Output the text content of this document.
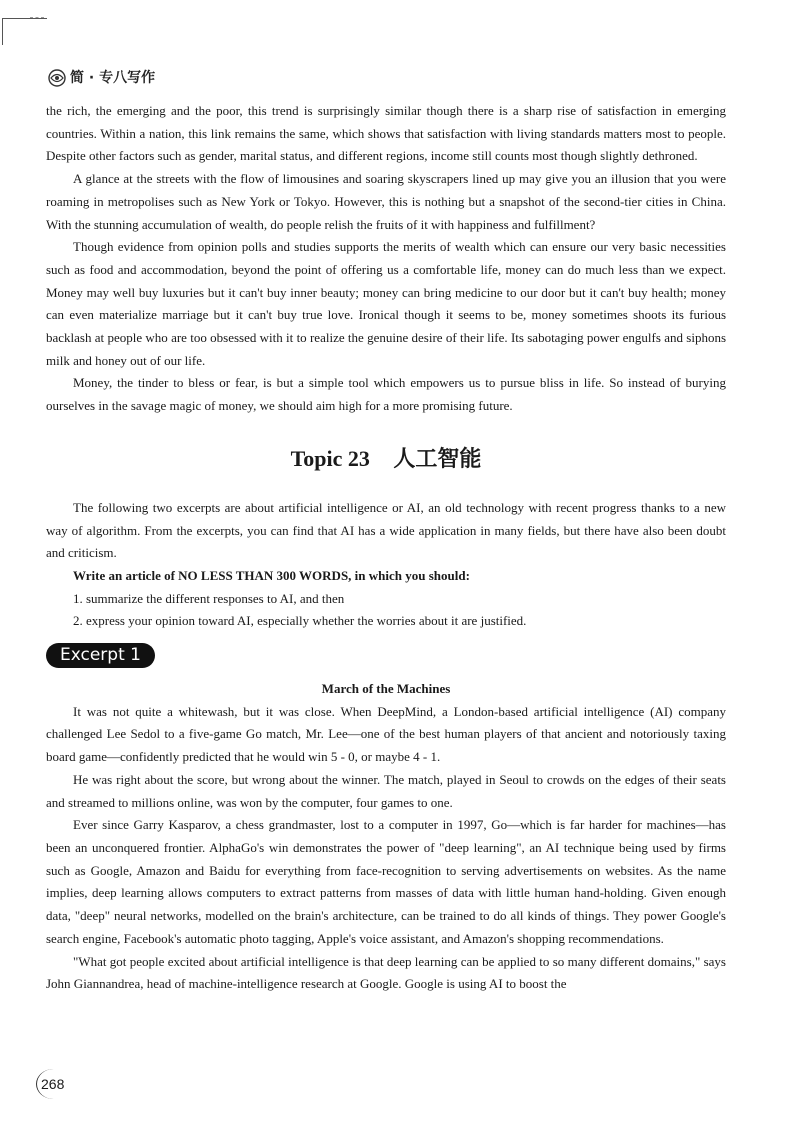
简 · 专八写作

the rich, the emerging and the poor, this trend is surprisingly similar though there is a sharp rise of satisfaction in emerging countries. Within a nation, this link remains the same, which shows that satisfaction with living standards matters most to people. Despite other factors such as gender, marital status, and different regions, income still counts most though slightly dethroned.

A glance at the streets with the flow of limousines and soaring skyscrapers lined up may give you an illusion that you were roaming in metropolises such as New York or Tokyo. However, this is nothing but a snapshot of the second-tier cities in China. With the stunning accumulation of wealth, do people relish the fruits of it with happiness and fulfillment?

Though evidence from opinion polls and studies supports the merits of wealth which can ensure our very basic necessities such as food and accommodation, beyond the point of offering us a comfortable life, money can do much less than we expect. Money may well buy luxuries but it can't buy inner beauty; money can bring medicine to our door but it can't buy health; money can even materialize marriage but it can't buy true love. Ironical though it seems to be, money sometimes shoots its furious backlash at people who are too obsessed with it to realize the genuine desire of their life. Its sabotaging power engulfs and siphons milk and honey out of our life.

Money, the tinder to bless or fear, is but a simple tool which empowers us to pursue bliss in life. So instead of burying ourselves in the savage magic of money, we should aim high for a more promising future.

Topic 23 人工智能

The following two excerpts are about artificial intelligence or AI, an old technology with recent progress thanks to a new way of algorithm. From the excerpts, you can find that AI has a wide application in many fields, but there have also been doubt and criticism.

Write an article of NO LESS THAN 300 WORDS, in which you should:

1. summarize the different responses to AI, and then

2. express your opinion toward AI, especially whether the worries about it are justified.

Excerpt 1

March of the Machines

It was not quite a whitewash, but it was close. When DeepMind, a London-based artificial intelligence (AI) company challenged Lee Sedol to a five-game Go match, Mr. Lee—one of the best human players of that ancient and notoriously taxing board game—confidently predicted that he would win 5 - 0, or maybe 4 - 1.

He was right about the score, but wrong about the winner. The match, played in Seoul to crowds on the edges of their seats and streamed to millions online, was won by the computer, four games to one.

Ever since Garry Kasparov, a chess grandmaster, lost to a computer in 1997, Go—which is far harder for machines—has been an unconquered frontier. AlphaGo's win demonstrates the power of "deep learning", an AI technique being used by firms such as Google, Amazon and Baidu for everything from face-recognition to serving advertisements on websites. As the name implies, deep learning allows computers to extract patterns from masses of data with little human hand-holding. Given enough data, "deep" neural networks, modelled on the brain's architecture, can be trained to do all kinds of things. They power Google's search engine, Facebook's automatic photo tagging, Apple's voice assistant, and Amazon's shopping recommendations.

"What got people excited about artificial intelligence is that deep learning can be applied to so many different domains," says John Giannandrea, head of machine-intelligence research at Google. Google is using AI to boost the

268
